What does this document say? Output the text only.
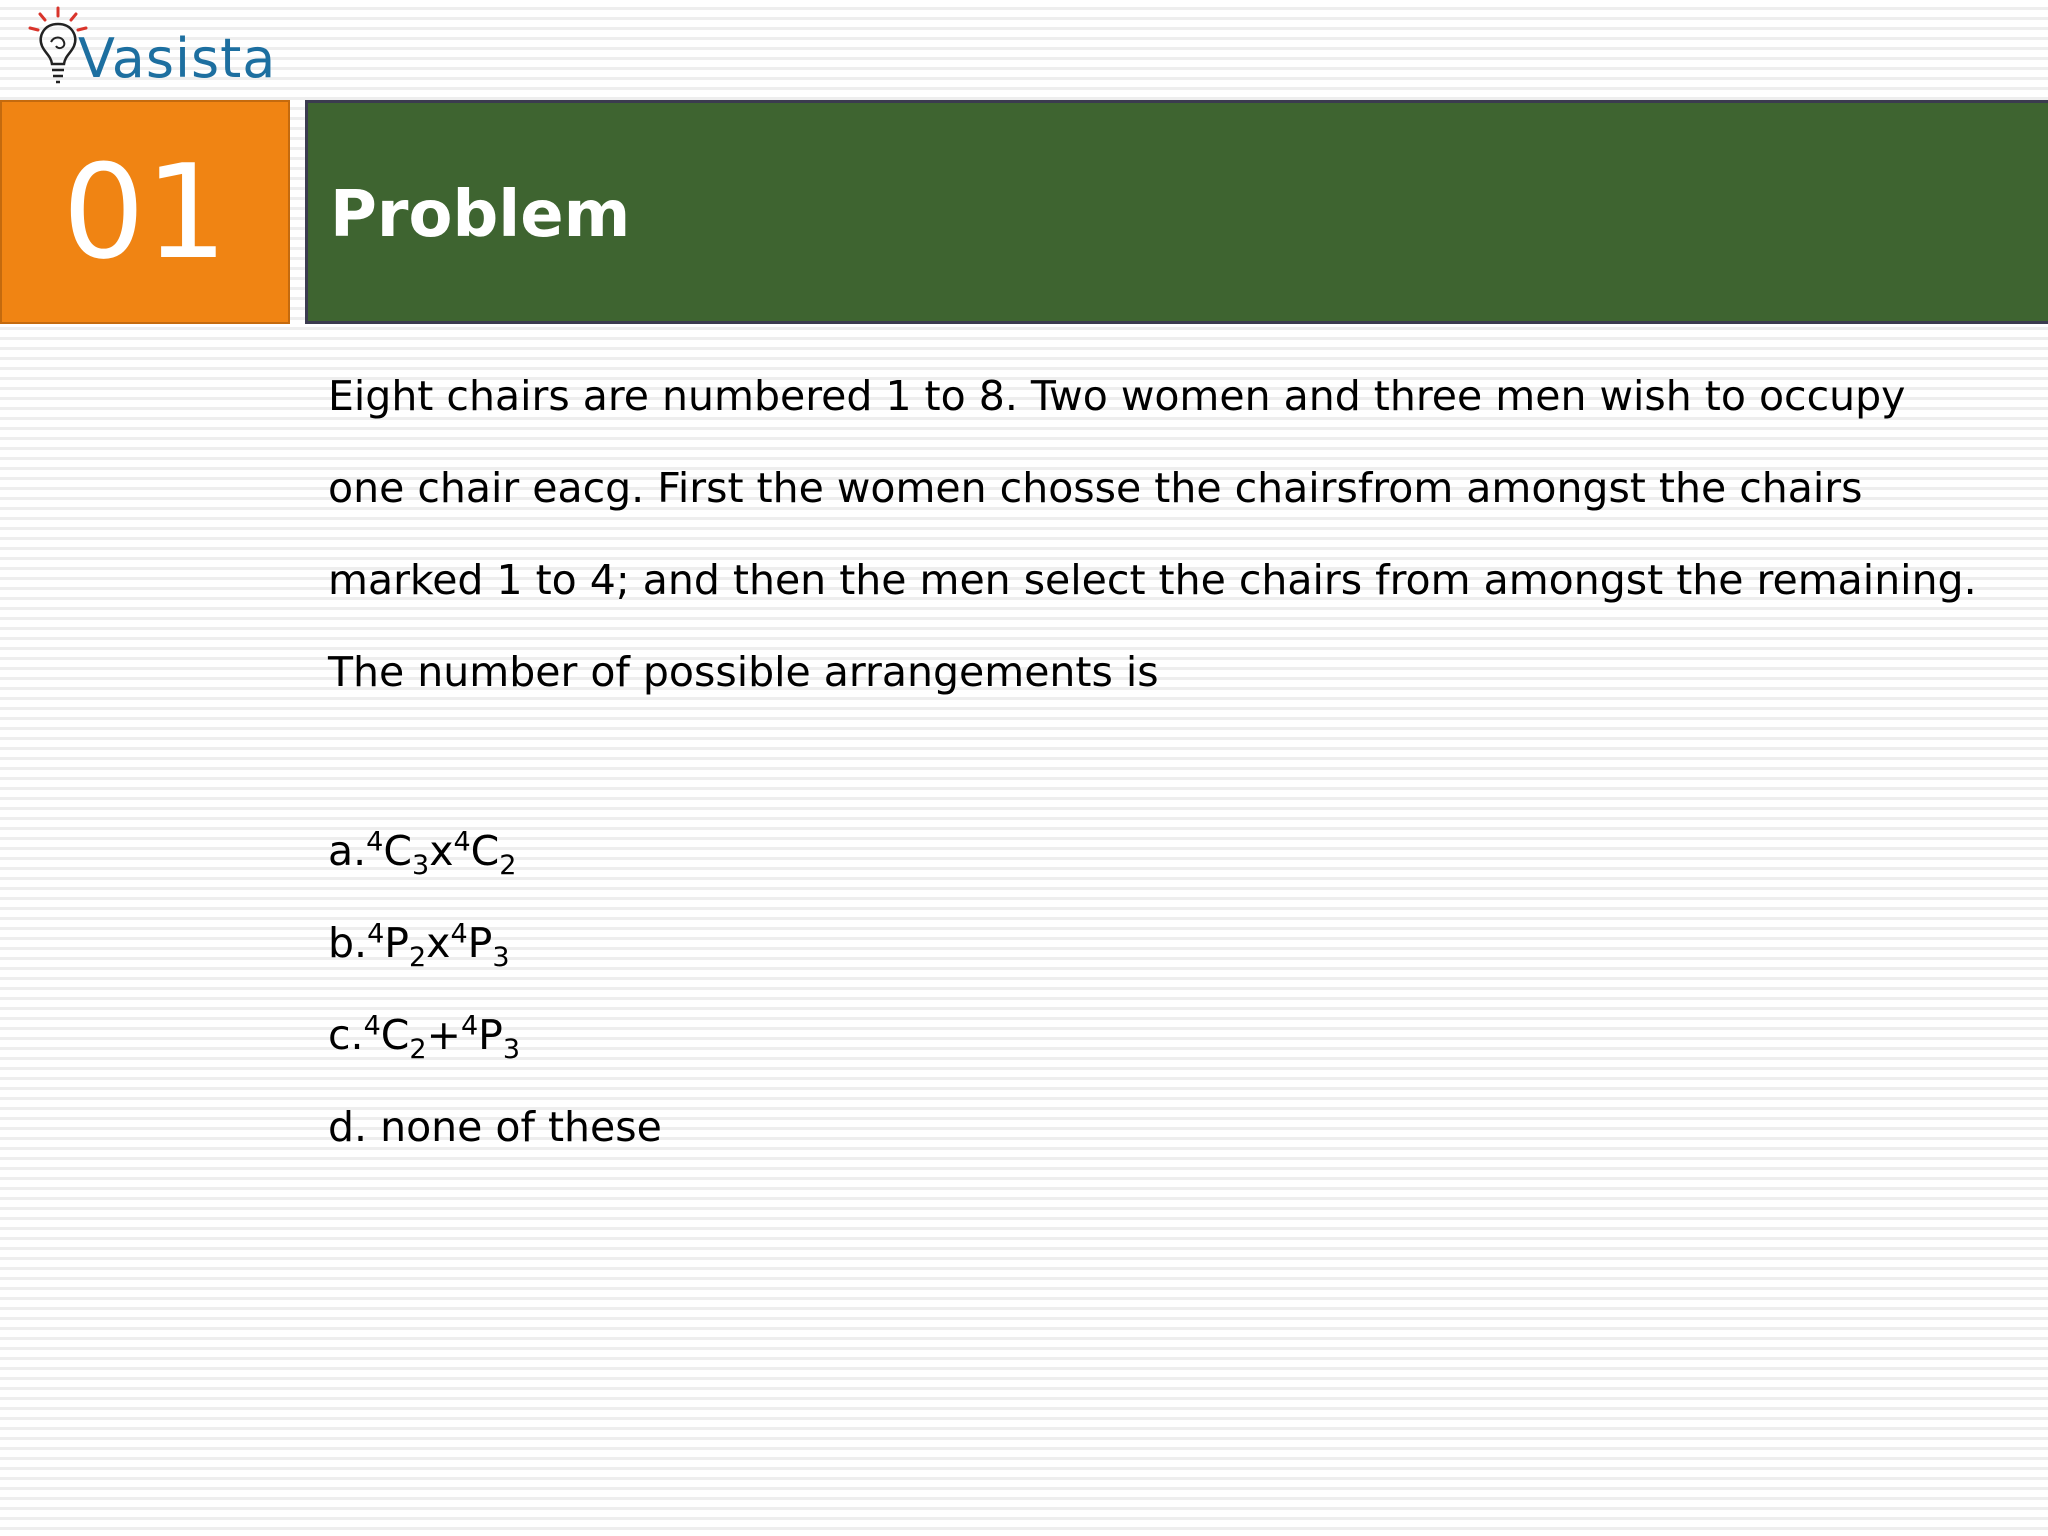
Vasista
01 Problem
Eight chairs are numbered 1 to 8. Two women and three men wish to occupy
one chair eacg. First the women chosse the chairsfrom amongst the chairs
marked 1 to 4; and then the men select the chairs from amongst the remaining.
The number of possible arrangements is
$a.^4C_3x^4C_2$
$b.^4P_2x^4P_3$
$c.^4C_2+^4P_3$
d. none of these
